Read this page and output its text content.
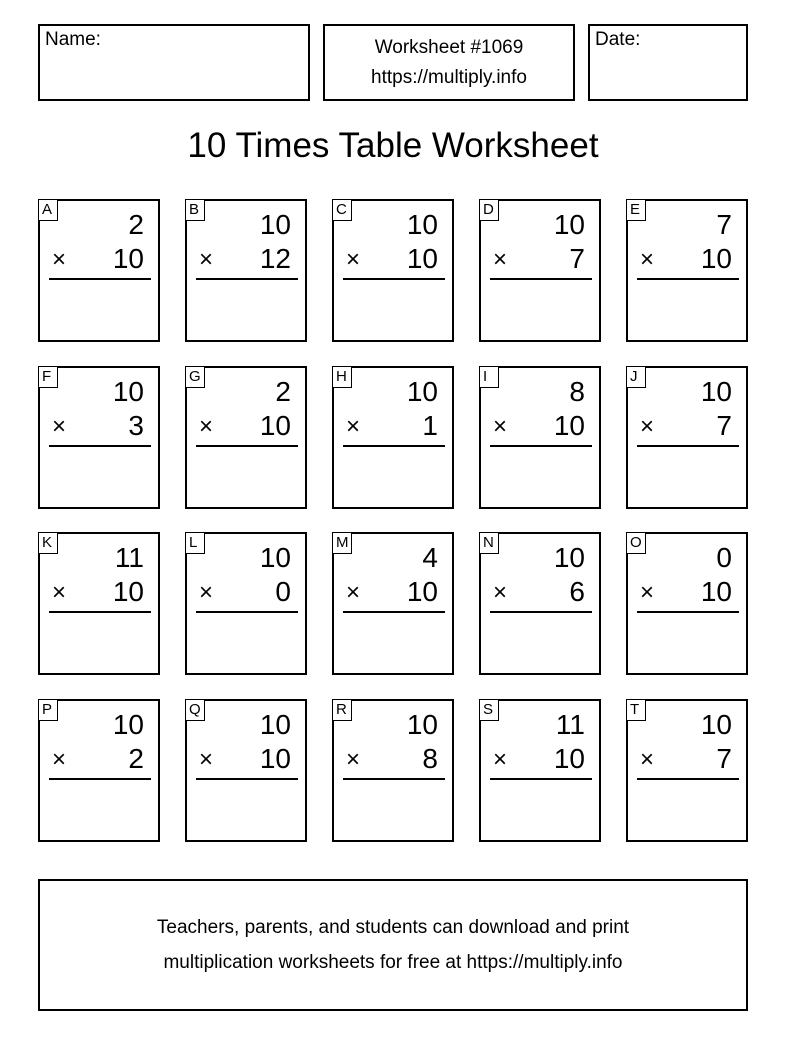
Name:	Worksheet #1069
https://multiply.info
Date:
10 Times Table Worksheet
A	2
× 10
B 10
× 12
C 10
× 10
D 10
× 7
E	7
× 10
F 10
× 3
G	2
× 10
H 10
× 1
I	8
× 10
J	10
× 7
K 11
× 10
L 10
× 0
M	4
× 10
N 10
× 6
O	0
× 10
P 10
× 2
Q 10
× 10
R 10
× 8
S 11
× 10
T 10
× 7
Teachers, parents, and students can download and print
multiplication worksheets for free at https://multiply.info
